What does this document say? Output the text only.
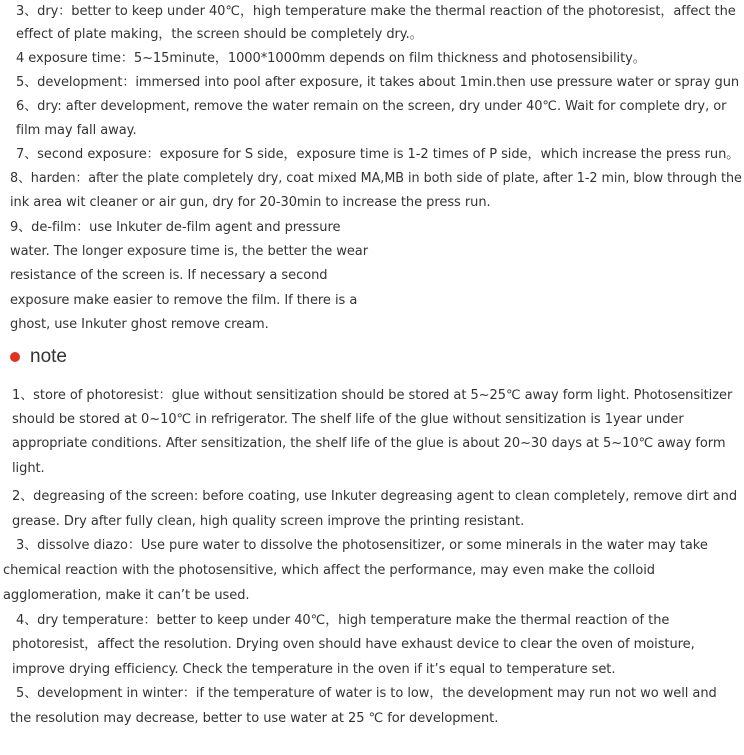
3、dry：better to keep under 40℃，high temperature make the thermal reaction of the photoresist，affect the
effect of plate making，the screen should be completely dry.。
4 exposure time：5~15minute，1000*1000mm depends on film thickness and photosensibility。
5、development：immersed into pool after exposure, it takes about 1min.then use pressure water or spray gun
6、dry: after development, remove the water remain on the screen, dry under 40℃. Wait for complete dry, or
film may fall away.
7、second exposure：exposure for S side，exposure time is 1-2 times of P side，which increase the press run。
8、harden：after the plate completely dry, coat mixed MA,MB in both side of plate, after 1-2 min, blow through the
ink area wit cleaner or air gun, dry for 20-30min to increase the press run.
9、de-film：use Inkuter de-film agent and pressure
water. The longer exposure time is, the better the wear
resistance of the screen is. If necessary a second
exposure make easier to remove the film. If there is a
ghost, use Inkuter ghost remove cream.
note
1、store of photoresist：glue without sensitization should be stored at 5~25℃ away form light. Photosensitizer
should be stored at 0~10℃ in refrigerator. The shelf life of the glue without sensitization is 1year under
appropriate conditions. After sensitization, the shelf life of the glue is about 20~30 days at 5~10℃ away form
light.
2、degreasing of the screen: before coating, use Inkuter degreasing agent to clean completely, remove dirt and
grease. Dry after fully clean, high quality screen improve the printing resistant.
3、dissolve diazo：Use pure water to dissolve the photosensitizer, or some minerals in the water may take
chemical reaction with the photosensitive, which affect the performance, may even make the colloid
agglomeration, make it can’t be used.
4、dry temperature：better to keep under 40℃，high temperature make the thermal reaction of the
photoresist，affect the resolution. Drying oven should have exhaust device to clear the oven of moisture,
improve drying efficiency. Check the temperature in the oven if it’s equal to temperature set.
5、development in winter：if the temperature of water is to low，the development may run not wo well and
the resolution may decrease, better to use water at 25 ℃ for development.
